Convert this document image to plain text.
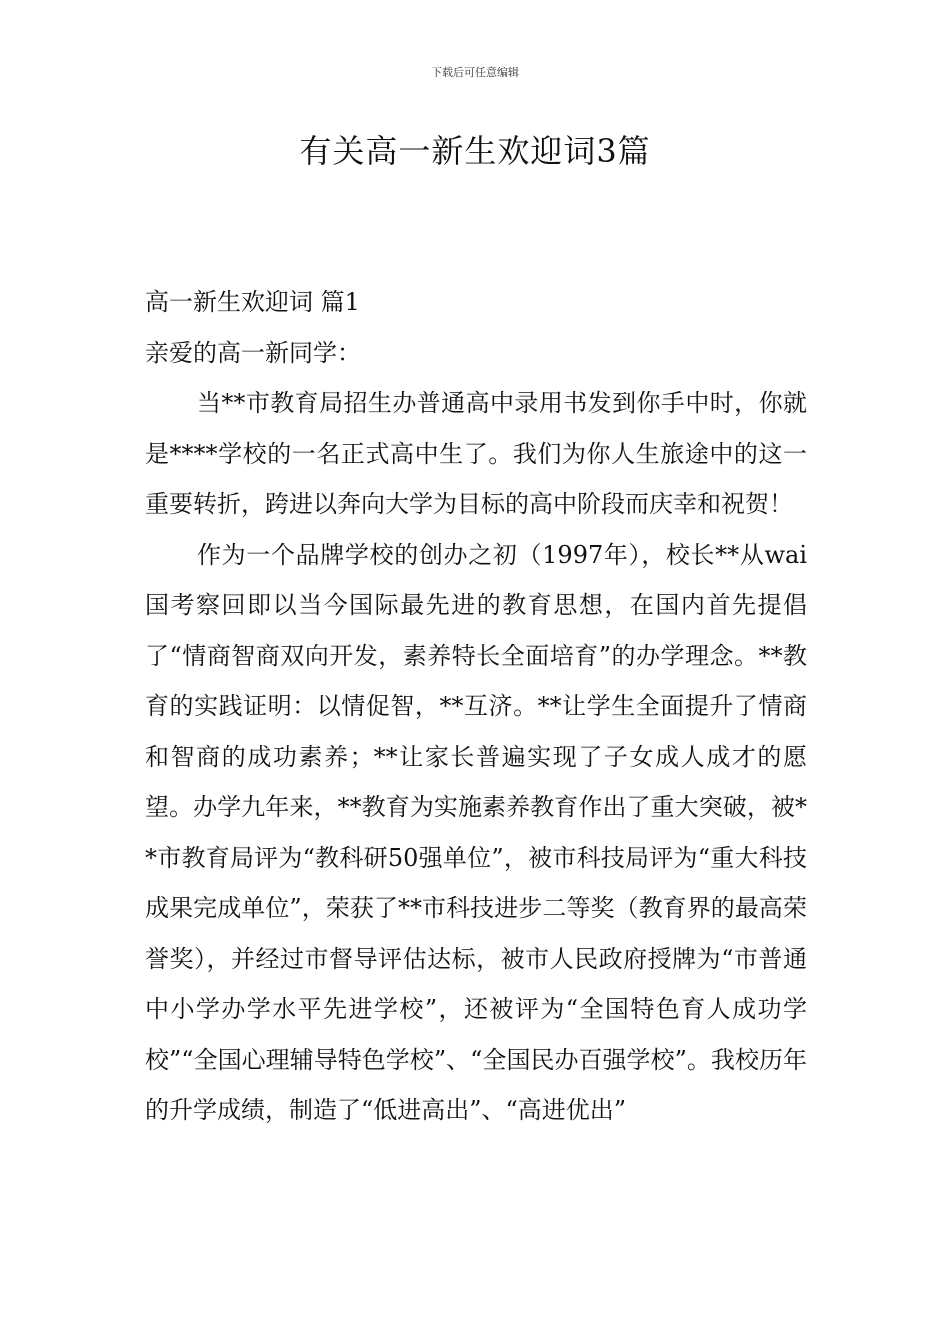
下载后可任意编辑
有关高一新生欢迎词3篇

高一新生欢迎词 篇1

亲爱的高一新同学：

当**市教育局招生办普通高中录用书发到你手中时，你就是****学校的一名正式高中生了。我们为你人生旅途中的这一重要转折，跨进以奔向大学为目标的高中阶段而庆幸和祝贺！

作为一个品牌学校的创办之初（1997年），校长**从wai国考察回即以当今国际最先进的教育思想，在国内首先提倡了“情商智商双向开发，素养特长全面培育”的办学理念。**教育的实践证明：以情促智，**互济。**让学生全面提升了情商和智商的成功素养；**让家长普遍实现了子女成人成才的愿望。办学九年来，**教育为实施素养教育作出了重大突破，被**市教育局评为“教科研50强单位”，被市科技局评为“重大科技成果完成单位”，荣获了**市科技进步二等奖（教育界的最高荣誉奖），并经过市督导评估达标，被市人民政府授牌为“市普通中小学办学水平先进学校”，还被评为“全国特色育人成功学校”“全国心理辅导特色学校”、“全国民办百强学校”。我校历年的升学成绩，制造了“低进高出”、“高进优出”
